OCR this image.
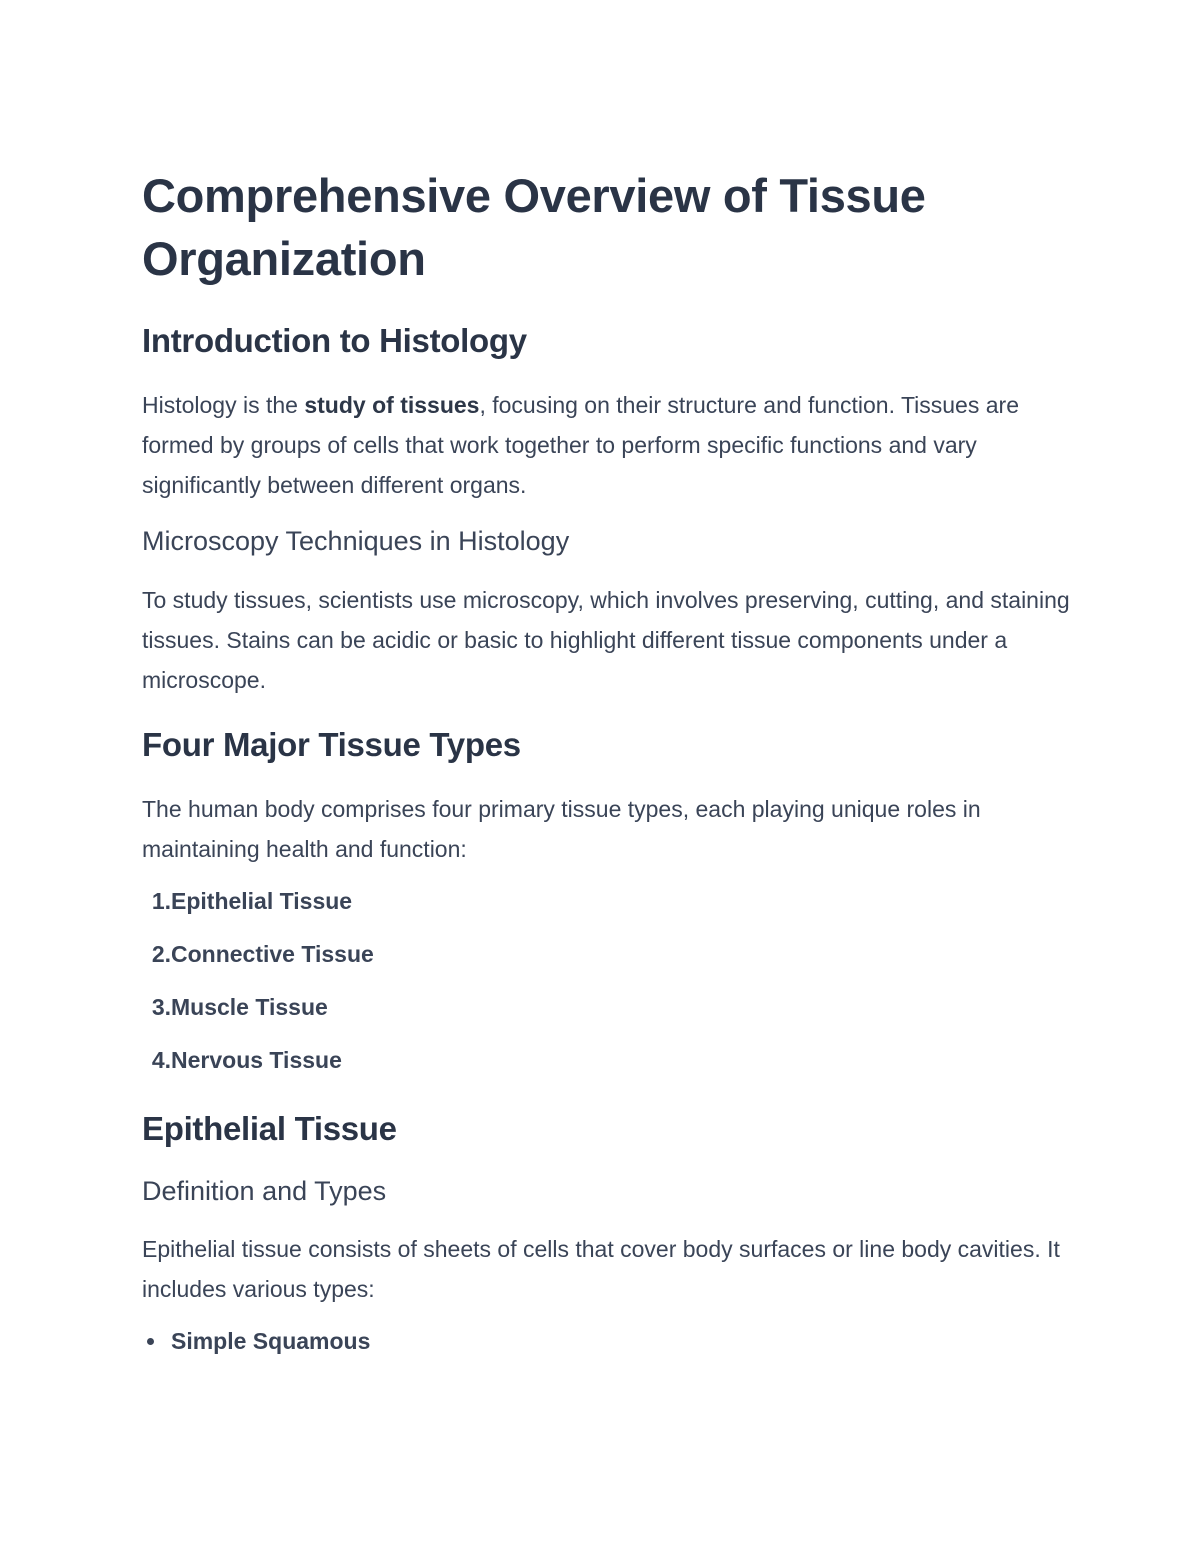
Comprehensive Overview of Tissue Organization
Introduction to Histology

Histology is the study of tissues, focusing on their structure and function. Tissues are formed by groups of cells that work together to perform specific functions and vary significantly between different organs.

Microscopy Techniques in Histology

To study tissues, scientists use microscopy, which involves preserving, cutting, and staining tissues. Stains can be acidic or basic to highlight different tissue components under a microscope.

Four Major Tissue Types

The human body comprises four primary tissue types, each playing unique roles in maintaining health and function:

1. Epithelial Tissue
2. Connective Tissue
3. Muscle Tissue
4. Nervous Tissue
Epithelial Tissue
Definition and Types

Epithelial tissue consists of sheets of cells that cover body surfaces or line body cavities. It includes various types:

Simple Squamous
